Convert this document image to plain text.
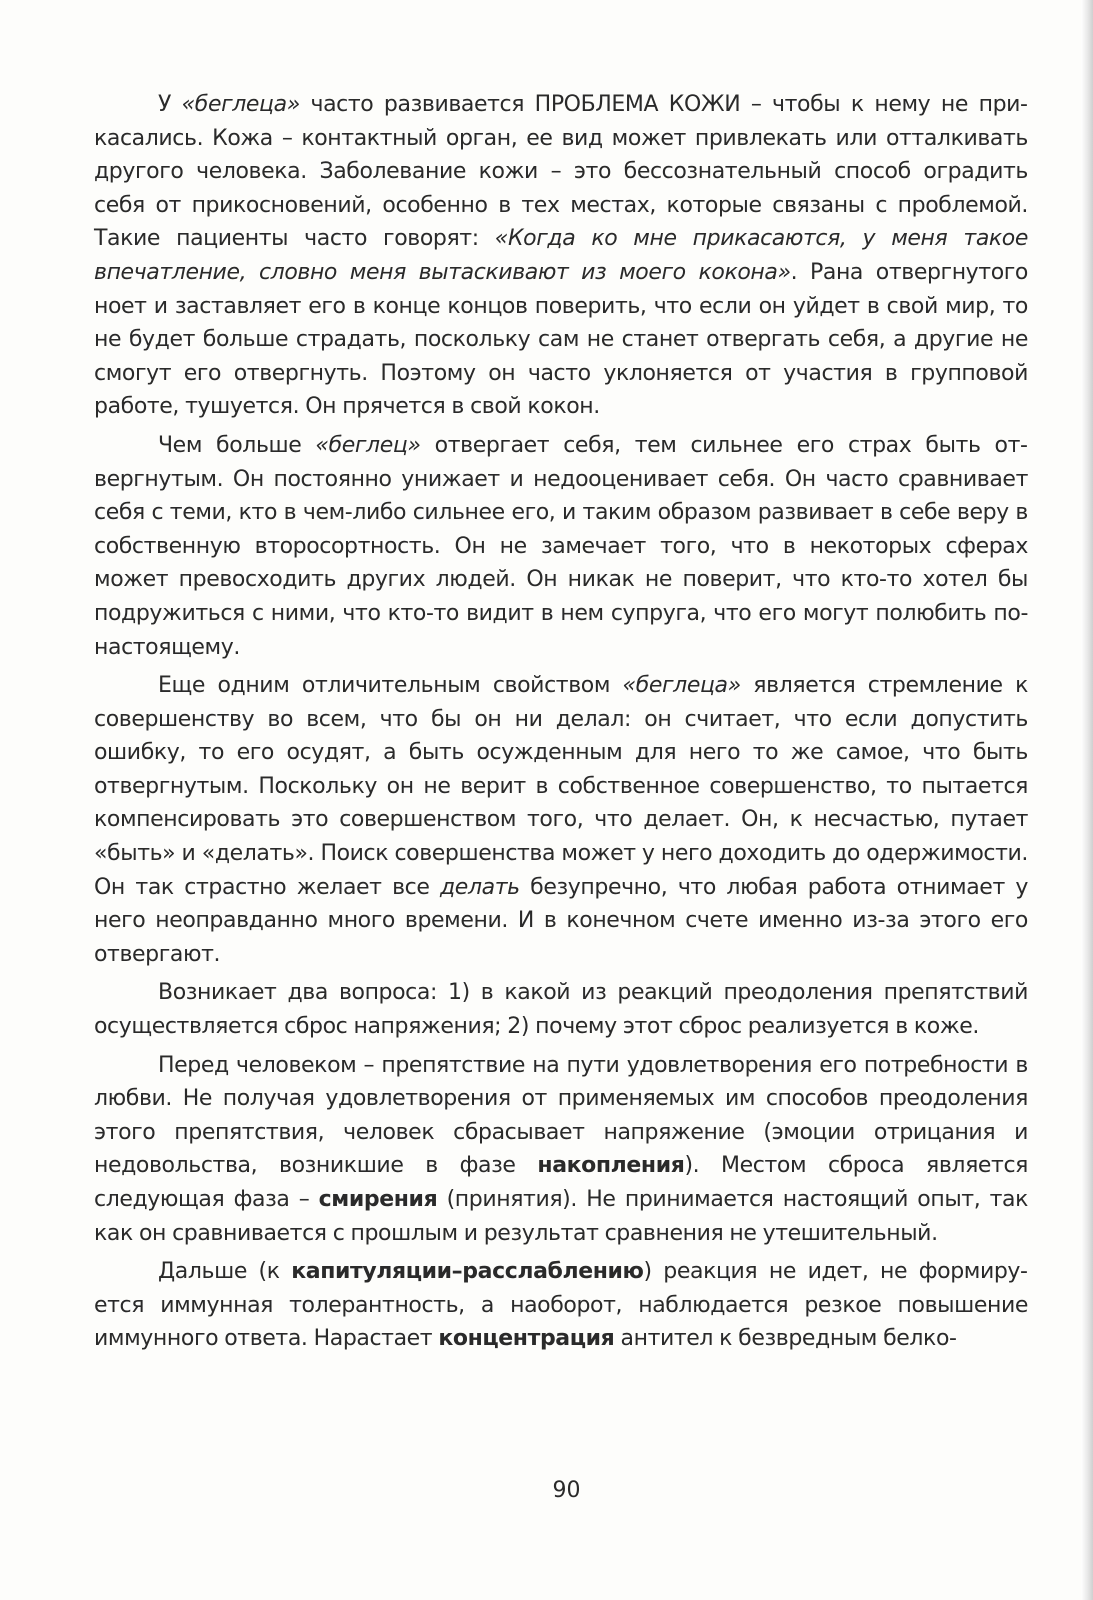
У «беглеца» часто развивается ПРОБЛЕМА КОЖИ – чтобы к нему не прикасались. Кожа – контактный орган, ее вид может привлекать или отталкивать другого человека. Заболевание кожи – это бессознательный способ оградить себя от прикосновений, особенно в тех местах, которые связаны с проблемой. Такие пациенты часто говорят: «Когда ко мне прикасаются, у меня такое впечатление, словно меня вытаскивают из моего кокона». Рана отвергнутого ноет и заставляет его в конце концов поверить, что если он уйдет в свой мир, то не будет больше страдать, поскольку сам не станет отвергать себя, а другие не смогут его отвергнуть. Поэтому он часто уклоняется от участия в групповой работе, тушуется. Он прячется в свой кокон.

Чем больше «беглец» отвергает себя, тем сильнее его страх быть отвергнутым. Он постоянно унижает и недооценивает себя. Он часто сравнивает себя с теми, кто в чем-либо сильнее его, и таким образом развивает в себе веру в собственную второсортность. Он не замечает того, что в некоторых сферах может превосходить других людей. Он никак не поверит, что кто-то хотел бы подружиться с ними, что кто-то видит в нем супруга, что его могут полюбить по-настоящему.

Еще одним отличительным свойством «беглеца» является стремление к совершенству во всем, что бы он ни делал: он считает, что если допустить ошибку, то его осудят, а быть осужденным для него то же самое, что быть отвергнутым. Поскольку он не верит в собственное совершенство, то пытается компенсировать это совершенством того, что делает. Он, к несчастью, путает «быть» и «делать». Поиск совершенства может у него доходить до одержимости. Он так страстно желает все делать безупречно, что любая работа отнимает у него неоправданно много времени. И в конечном счете именно из-за этого его отвергают.

Возникает два вопроса: 1) в какой из реакций преодоления препятствий осуществляется сброс напряжения; 2) почему этот сброс реализуется в коже.

Перед человеком – препятствие на пути удовлетворения его потребности в любви. Не получая удовлетворения от применяемых им способов преодоления этого препятствия, человек сбрасывает напряжение (эмоции отрицания и недовольства, возникшие в фазе накопления). Местом сброса является следующая фаза – смирения (принятия). Не принимается настоящий опыт, так как он сравнивается с прошлым и результат сравнения не утешительный.

Дальше (к капитуляции–расслаблению) реакция не идет, не формируется иммунная толерантность, а наоборот, наблюдается резкое повышение иммунного ответа. Нарастает концентрация антител к безвредным белко-

90
